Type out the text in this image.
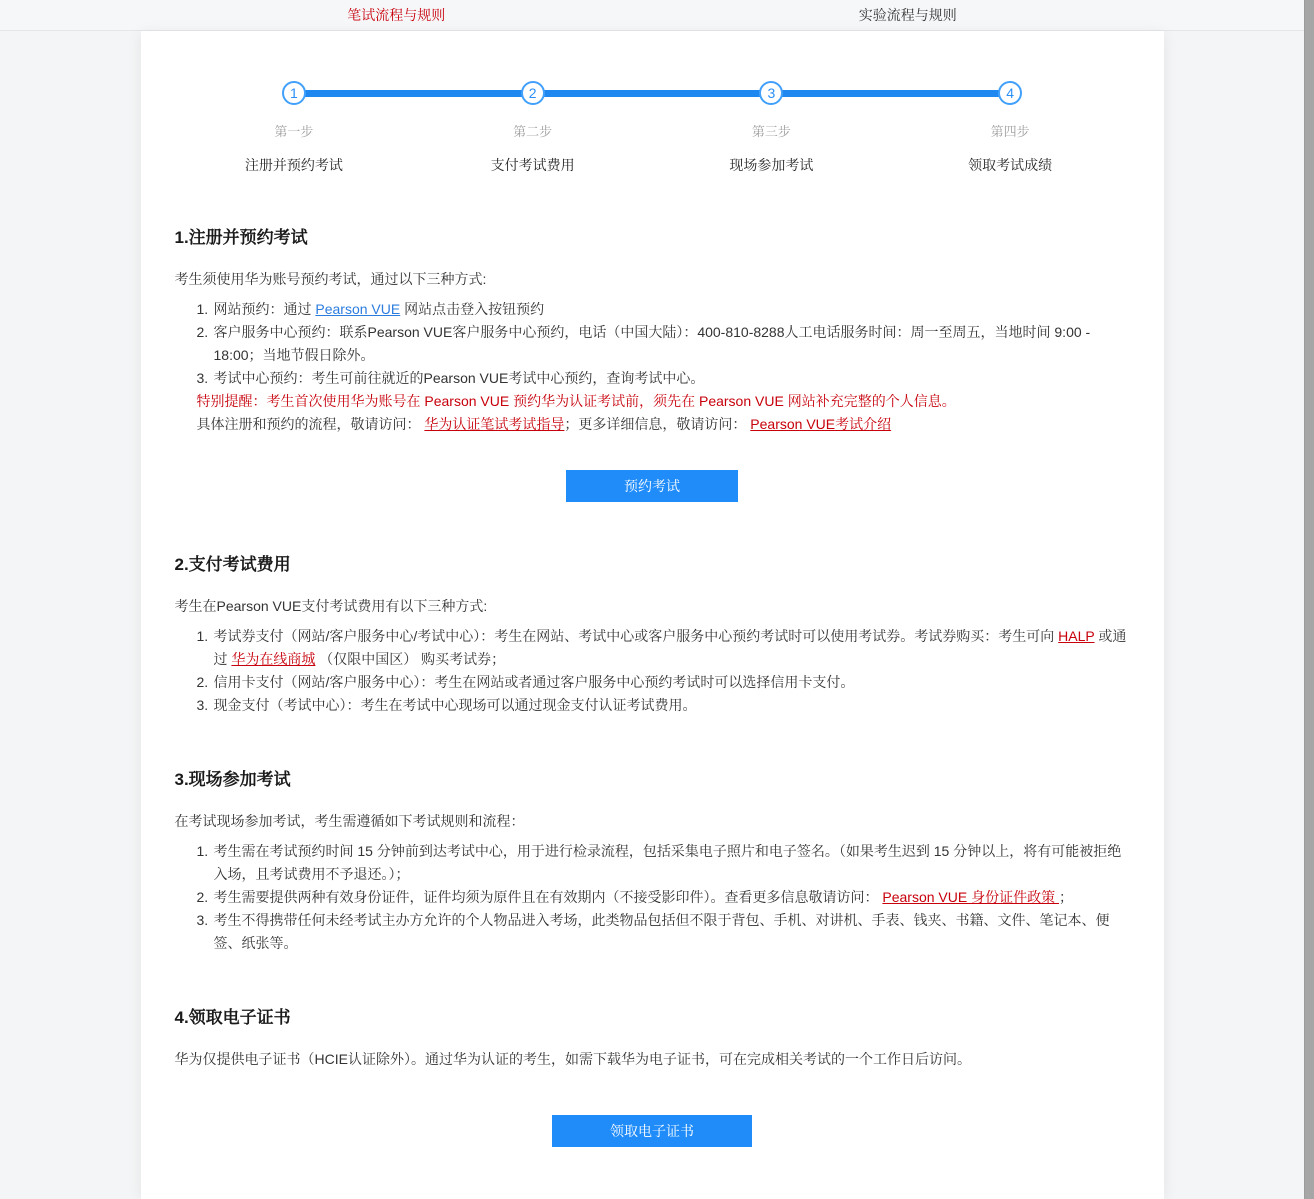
笔试流程与规则	实验流程与规则
1
第一步
注册并预约考试
2
第二步
支付考试费用
3
第三步
现场参加考试
4
第四步
领取考试成绩
1.注册并预约考试

考生须使用华为账号预约考试，通过以下三种方式:

网站预约：通过 Pearson VUE 网站点击登入按钮预约
客户服务中心预约：联系Pearson VUE客户服务中心预约，电话（中国大陆）：400-810-8288人工电话服务时间：周一至周五，当地时间 9:00 - 18:00；当地节假日除外。
考试中心预约：考生可前往就近的Pearson VUE考试中心预约，查询考试中心。
特别提醒：考生首次使用华为账号在 Pearson VUE 预约华为认证考试前，须先在 Pearson VUE 网站补充完整的个人信息。
具体注册和预约的流程，敬请访问： 华为认证笔试考试指导；更多详细信息，敬请访问： Pearson VUE考试介绍
预约考试
2.支付考试费用

考生在Pearson VUE支付考试费用有以下三种方式:

考试券支付（网站/客户服务中心/考试中心）：考生在网站、考试中心或客户服务中心预约考试时可以使用考试券。考试券购买：考生可向 HALP 或通过 华为在线商城 （仅限中国区） 购买考试券；
信用卡支付（网站/客户服务中心）：考生在网站或者通过客户服务中心预约考试时可以选择信用卡支付。
现金支付（考试中心）：考生在考试中心现场可以通过现金支付认证考试费用。
3.现场参加考试

在考试现场参加考试，考生需遵循如下考试规则和流程：

考生需在考试预约时间 15 分钟前到达考试中心，用于进行检录流程，包括采集电子照片和电子签名。（如果考生迟到 15 分钟以上，将有可能被拒绝入场，且考试费用不予退还。）；
考生需要提供两种有效身份证件，证件均须为原件且在有效期内（不接受影印件）。查看更多信息敬请访问： Pearson VUE 身份证件政策 ；
考生不得携带任何未经考试主办方允许的个人物品进入考场，此类物品包括但不限于背包、手机、对讲机、手表、钱夹、书籍、文件、笔记本、便签、纸张等。
4.领取电子证书

华为仅提供电子证书（HCIE认证除外）。通过华为认证的考生，如需下载华为电子证书，可在完成相关考试的一个工作日后访问。

领取电子证书
